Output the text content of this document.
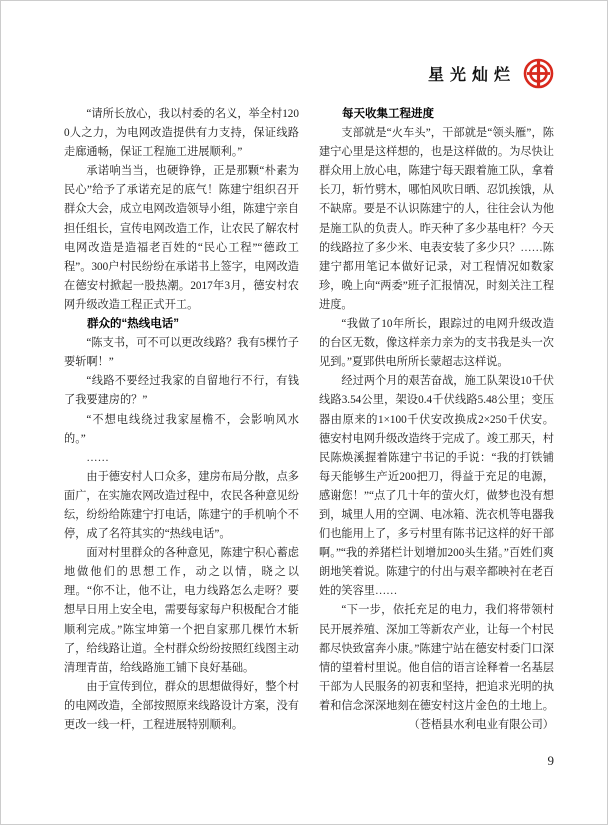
星光灿烂

“请所长放心，我以村委的名义，举全村1200人之力，为电网改造提供有力支持，保证线路走廊通畅，保证工程施工进展顺利。”

承诺响当当，也硬铮铮，正是那颗“朴素为民心”给予了承诺充足的底气！陈建宁组织召开群众大会，成立电网改造领导小组，陈建宁亲自担任组长，宣传电网改造工作，让农民了解农村电网改造是造福老百姓的“民心工程”“德政工程”。300户村民纷纷在承诺书上签字，电网改造在德安村掀起一股热潮。2017年3月，德安村农网升级改造工程正式开工。

群众的“热线电话”

“陈支书，可不可以更改线路？我有5棵竹子要斩啊！”

“线路不要经过我家的自留地行不行，有钱了我要建房的？”

“不想电线绕过我家屋檐不，会影响风水的。”

……

由于德安村人口众多，建房布局分散，点多面广，在实施农网改造过程中，农民各种意见纷纭，纷纷给陈建宁打电话，陈建宁的手机响个不停，成了名符其实的“热线电话”。

面对村里群众的各种意见，陈建宁积心蓄虑地做他们的思想工作，动之以情，晓之以理。“你不让，他不让，电力线路怎么走呀？要想早日用上安全电，需要每家每户积极配合才能顺利完成。”陈宝坤第一个把自家那几棵竹木斩了，给线路让道。全村群众纷纷按照红线图主动清理青苗，给线路施工铺下良好基础。

由于宣传到位，群众的思想做得好，整个村的电网改造，全部按照原来线路设计方案，没有更改一线一杆，工程进展特别顺利。

每天收集工程进度

支部就是“火车头”，干部就是“领头雁”，陈建宁心里是这样想的，也是这样做的。为尽快让群众用上放心电，陈建宁每天跟着施工队，拿着长刀，斩竹劈木，哪怕风吹日晒、忍饥挨饿，从不缺席。要是不认识陈建宁的人，往往会认为他是施工队的负责人。昨天种了多少基电杆？今天的线路拉了多少米、电表安装了多少只？……陈建宁都用笔记本做好记录，对工程情况如数家珍，晚上向“两委”班子汇报情况，时刻关注工程进度。

“我做了10年所长，跟踪过的电网升级改造的台区无数，像这样亲力亲为的支书我是头一次见到。”夏郢供电所所长蒙超志这样说。

经过两个月的艰苦奋战，施工队架设10千伏线路3.54公里，架设0.4千伏线路5.48公里；变压器由原来的1×100千伏安改换成2×250千伏安。德安村电网升级改造终于完成了。竣工那天，村民陈焕溪握着陈建宁书记的手说：“我的打铁铺每天能够生产近200把刀，得益于充足的电源，感谢您！”“点了几十年的萤火灯，做梦也没有想到，城里人用的空调、电冰箱、洗衣机等电器我们也能用上了，多亏村里有陈书记这样的好干部啊。”“我的养猪栏计划增加200头生猪。”百姓们爽朗地笑着说。陈建宁的付出与艰辛都映衬在老百姓的笑容里……

“下一步，依托充足的电力，我们将带领村民开展养殖、深加工等新农产业，让每一个村民都尽快致富奔小康。”陈建宁站在德安村委门口深情的望着村里说。他自信的语言诠释着一名基层干部为人民服务的初衷和坚持，把追求光明的执着和信念深深地刻在德安村这片金色的土地上。

（苍梧县水利电业有限公司）

9
